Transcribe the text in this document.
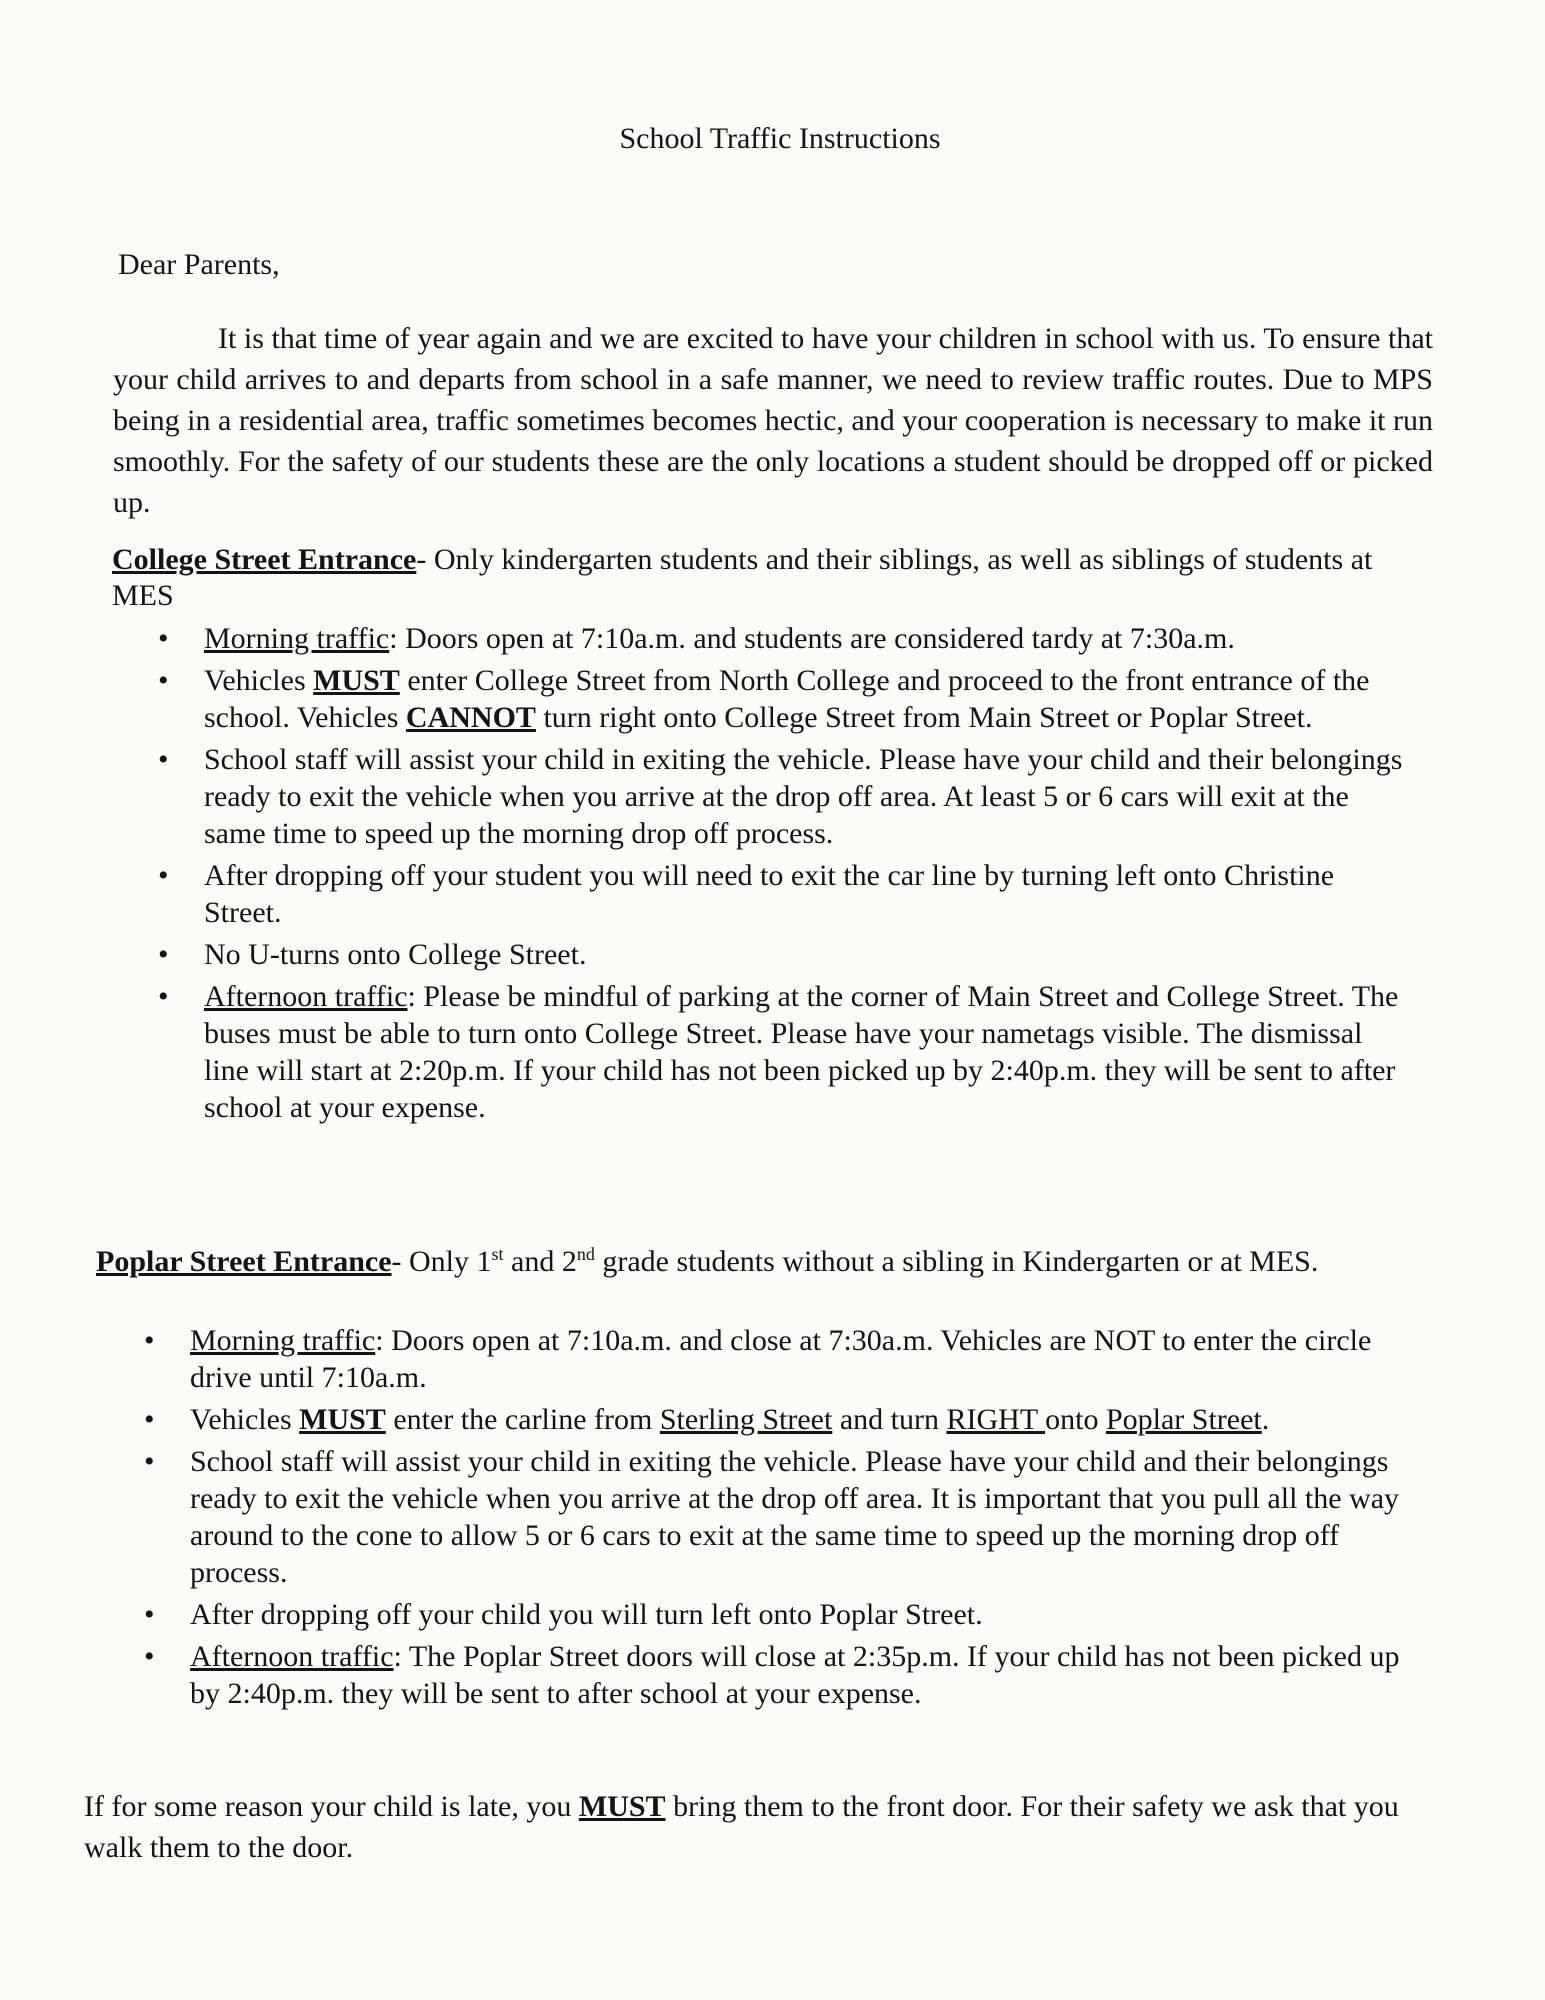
School Traffic Instructions
Dear Parents,

It is that time of year again and we are excited to have your children in school with us. To ensure that your child arrives to and departs from school in a safe manner, we need to review traffic routes. Due to MPS being in a residential area, traffic sometimes becomes hectic, and your cooperation is necessary to make it run smoothly. For the safety of our students these are the only locations a student should be dropped off or picked up.

College Street Entrance- Only kindergarten students and their siblings, as well as siblings of students at MES

• Morning traffic: Doors open at 7:10a.m. and students are considered tardy at 7:30a.m.
• Vehicles MUST enter College Street from North College and proceed to the front entrance of the school. Vehicles CANNOT turn right onto College Street from Main Street or Poplar Street.
• School staff will assist your child in exiting the vehicle. Please have your child and their belongings ready to exit the vehicle when you arrive at the drop off area. At least 5 or 6 cars will exit at the same time to speed up the morning drop off process.
• After dropping off your student you will need to exit the car line by turning left onto Christine Street.
• No U-turns onto College Street.
• Afternoon traffic: Please be mindful of parking at the corner of Main Street and College Street. The buses must be able to turn onto College Street. Please have your nametags visible. The dismissal line will start at 2:20p.m. If your child has not been picked up by 2:40p.m. they will be sent to after school at your expense.

Poplar Street Entrance- Only 1st and 2nd grade students without a sibling in Kindergarten or at MES.

• Morning traffic: Doors open at 7:10a.m. and close at 7:30a.m. Vehicles are NOT to enter the circle drive until 7:10a.m.
• Vehicles MUST enter the carline from Sterling Street and turn RIGHT onto Poplar Street.
• School staff will assist your child in exiting the vehicle. Please have your child and their belongings ready to exit the vehicle when you arrive at the drop off area. It is important that you pull all the way around to the cone to allow 5 or 6 cars to exit at the same time to speed up the morning drop off process.
• After dropping off your child you will turn left onto Poplar Street.
• Afternoon traffic: The Poplar Street doors will close at 2:35p.m. If your child has not been picked up by 2:40p.m. they will be sent to after school at your expense.

If for some reason your child is late, you MUST bring them to the front door. For their safety we ask that you walk them to the door.
